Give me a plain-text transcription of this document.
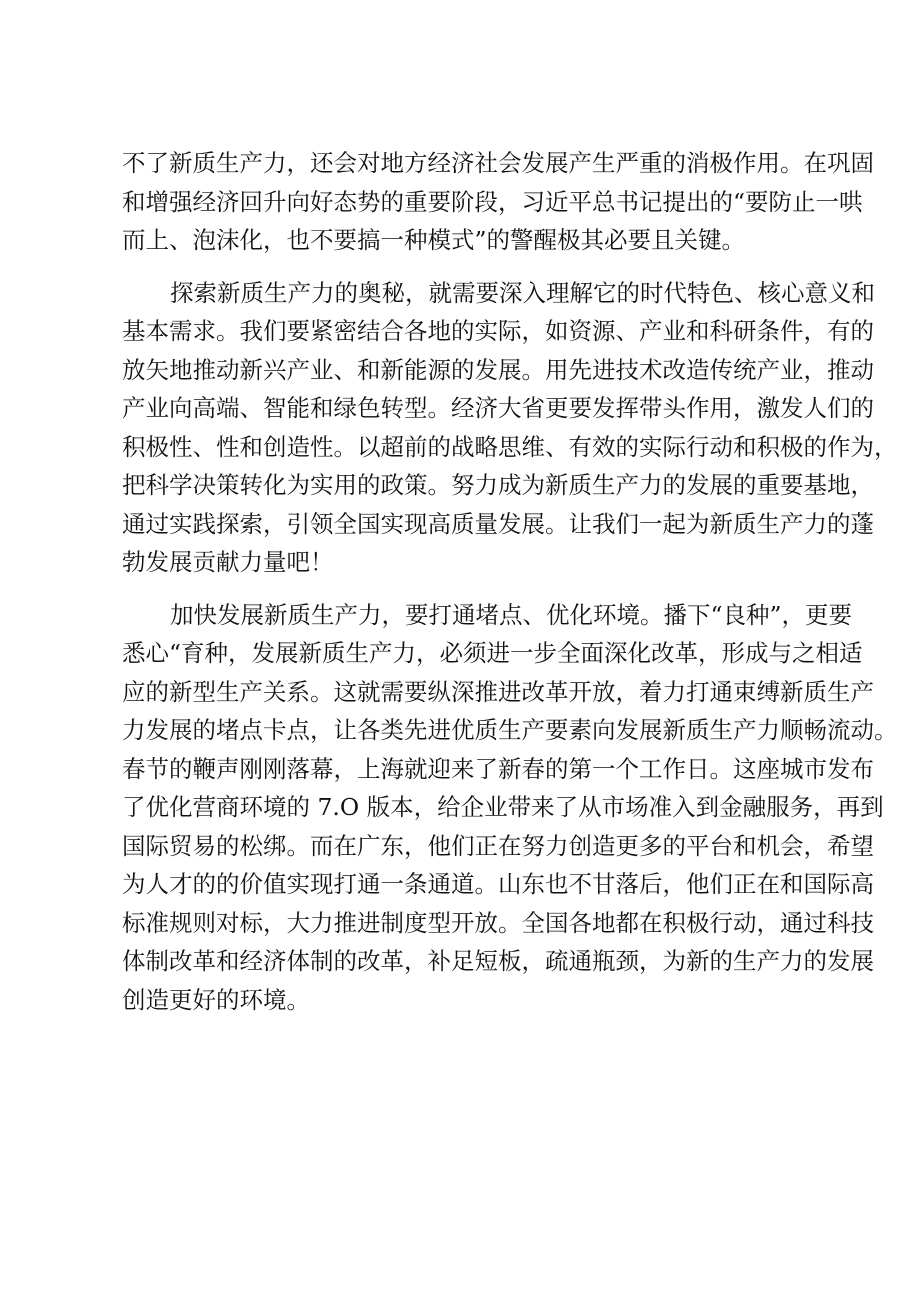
不了新质生产力，还会对地方经济社会发展产生严重的消极作用。在巩固
和增强经济回升向好态势的重要阶段，习近平总书记提出的“要防止一哄
而上、泡沫化，也不要搞一种模式”的警醒极其必要且关键。
探索新质生产力的奥秘，就需要深入理解它的时代特色、核心意义和
基本需求。我们要紧密结合各地的实际，如资源、产业和科研条件，有的
放矢地推动新兴产业、和新能源的发展。用先进技术改造传统产业，推动
产业向高端、智能和绿色转型。经济大省更要发挥带头作用，激发人们的
积极性、性和创造性。以超前的战略思维、有效的实际行动和积极的作为，
把科学决策转化为实用的政策。努力成为新质生产力的发展的重要基地，
通过实践探索，引领全国实现高质量发展。让我们一起为新质生产力的蓬
勃发展贡献力量吧！
加快发展新质生产力，要打通堵点、优化环境。播下“良种”，更要
悉心“育种，发展新质生产力，必须进一步全面深化改革，形成与之相适
应的新型生产关系。这就需要纵深推进改革开放，着力打通束缚新质生产
力发展的堵点卡点，让各类先进优质生产要素向发展新质生产力顺畅流动。
春节的鞭声刚刚落幕，上海就迎来了新春的第一个工作日。这座城市发布
了优化营商环境的 7.O 版本，给企业带来了从市场准入到金融服务，再到
国际贸易的松绑。而在广东，他们正在努力创造更多的平台和机会，希望
为人才的的价值实现打通一条通道。山东也不甘落后，他们正在和国际高
标准规则对标，大力推进制度型开放。全国各地都在积极行动，通过科技
体制改革和经济体制的改革，补足短板，疏通瓶颈，为新的生产力的发展
创造更好的环境。
